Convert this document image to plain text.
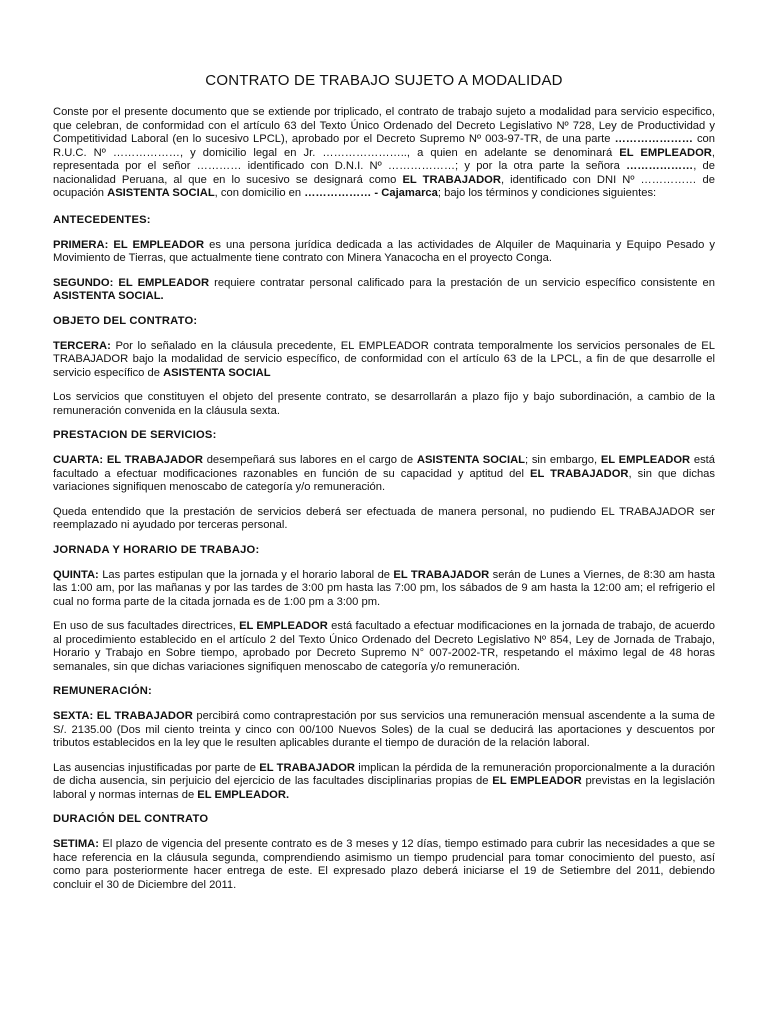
CONTRATO DE TRABAJO SUJETO A MODALIDAD

Conste por el presente documento que se extiende por triplicado, el contrato de trabajo sujeto a modalidad para servicio especifico, que celebran, de conformidad con el artículo 63 del Texto Único Ordenado del Decreto Legislativo Nº 728, Ley de Productividad y Competitividad Laboral (en lo sucesivo LPCL), aprobado por el Decreto Supremo Nº 003-97-TR, de una parte ………………… con R.U.C. Nº ………………, y domicilio legal en Jr. ………………….., a quien en adelante se denominará EL EMPLEADOR, representada por el señor ………… identificado con D.N.I. Nº ………………; y por la otra parte la señora ………………, de nacionalidad Peruana, al que en lo sucesivo se designará como EL TRABAJADOR, identificado con DNI Nº …………… de ocupación ASISTENTA SOCIAL, con domicilio en ……………… - Cajamarca; bajo los términos y condiciones siguientes:

ANTECEDENTES:

PRIMERA: EL EMPLEADOR es una persona jurídica dedicada a las actividades de Alquiler de Maquinaria y Equipo Pesado y Movimiento de Tierras, que actualmente tiene contrato con Minera Yanacocha en el proyecto Conga.

SEGUNDO: EL EMPLEADOR requiere contratar personal calificado para la prestación de un servicio específico consistente en ASISTENTA SOCIAL.

OBJETO DEL CONTRATO:

TERCERA: Por lo señalado en la cláusula precedente, EL EMPLEADOR contrata temporalmente los servicios personales de EL TRABAJADOR bajo la modalidad de servicio específico, de conformidad con el artículo 63 de la LPCL, a fin de que desarrolle el servicio específico de ASISTENTA SOCIAL

Los servicios que constituyen el objeto del presente contrato, se desarrollarán a plazo fijo y bajo subordinación, a cambio de la remuneración convenida en la cláusula sexta.

PRESTACION DE SERVICIOS:

CUARTA: EL TRABAJADOR desempeñará sus labores en el cargo de ASISTENTA SOCIAL; sin embargo, EL EMPLEADOR está facultado a efectuar modificaciones razonables en función de su capacidad y aptitud del EL TRABAJADOR, sin que dichas variaciones signifiquen menoscabo de categoría y/o remuneración.

Queda entendido que la prestación de servicios deberá ser efectuada de manera personal, no pudiendo EL TRABAJADOR ser reemplazado ni ayudado por terceras personal.

JORNADA Y HORARIO DE TRABAJO:

QUINTA: Las partes estipulan que la jornada y el horario laboral de EL TRABAJADOR serán de Lunes a Viernes, de 8:30 am hasta las 1:00 am, por las mañanas y por las tardes de 3:00 pm hasta las 7:00 pm, los sábados de 9 am hasta la 12:00 am; el refrigerio el cual no forma parte de la citada jornada es de 1:00 pm a 3:00 pm.

En uso de sus facultades directrices, EL EMPLEADOR está facultado a efectuar modificaciones en la jornada de trabajo, de acuerdo al procedimiento establecido en el artículo 2 del Texto Único Ordenado del Decreto Legislativo Nº 854, Ley de Jornada de Trabajo, Horario y Trabajo en Sobre tiempo, aprobado por Decreto Supremo N° 007-2002-TR, respetando el máximo legal de 48 horas semanales, sin que dichas variaciones signifiquen menoscabo de categoría y/o remuneración.

REMUNERACIÓN:

SEXTA: EL TRABAJADOR percibirá como contraprestación por sus servicios una remuneración mensual ascendente a la suma de S/. 2135.00 (Dos mil ciento treinta y cinco con 00/100 Nuevos Soles) de la cual se deducirá las aportaciones y descuentos por tributos establecidos en la ley que le resulten aplicables durante el tiempo de duración de la relación laboral.

Las ausencias injustificadas por parte de EL TRABAJADOR implican la pérdida de la remuneración proporcionalmente a la duración de dicha ausencia, sin perjuicio del ejercicio de las facultades disciplinarias propias de EL EMPLEADOR previstas en la legislación laboral y normas internas de EL EMPLEADOR.

DURACIÓN DEL CONTRATO

SETIMA: El plazo de vigencia del presente contrato es de 3 meses y 12 días, tiempo estimado para cubrir las necesidades a que se hace referencia en la cláusula segunda, comprendiendo asimismo un tiempo prudencial para tomar conocimiento del puesto, así como para posteriormente hacer entrega de este. El expresado plazo deberá iniciarse el 19 de Setiembre del 2011, debiendo concluir el 30 de Diciembre del 2011.
